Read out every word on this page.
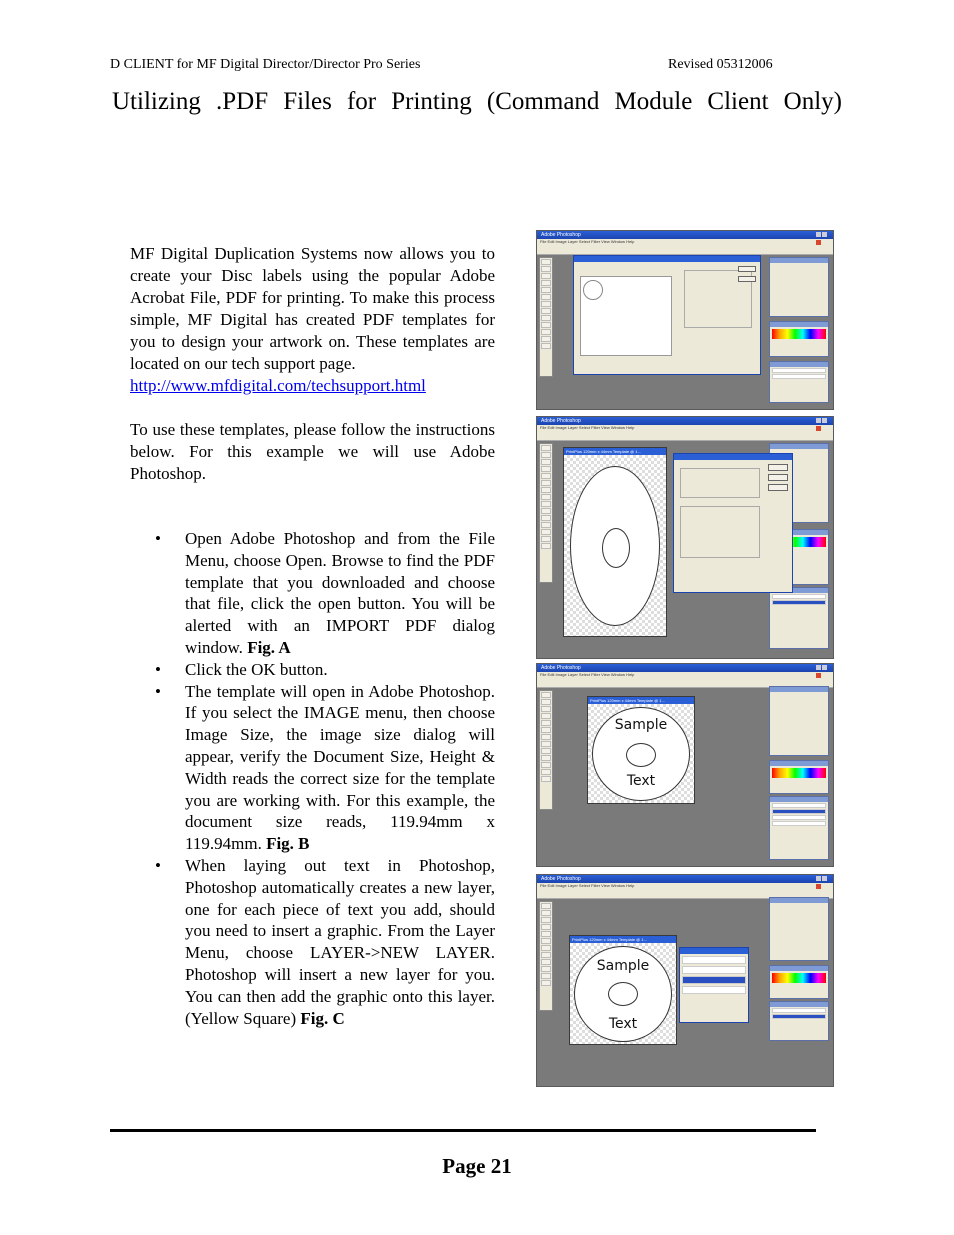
D CLIENT for MF Digital Director/Director Pro Series	Revised 05312006
Utilizing .PDF Files for Printing (Command Module Client Only)

MF Digital Duplication Systems now allows you to create your Disc labels using the popular Adobe Acrobat File, PDF for printing. To make this process simple, MF Digital has created PDF templates for you to design your artwork on. These templates are located on our tech support page.

http://www.mfdigital.com/techsupport.html

To use these templates, please follow the instructions below. For this example we will use Adobe Photoshop.

• Open Adobe Photoshop and from the File Menu, choose Open. Browse to find the PDF template that you downloaded and choose that file, click the open button. You will be alerted with an IMPORT PDF dialog window. Fig. A
• Click the OK button.
• The template will open in Adobe Photoshop. If you select the IMAGE menu, then choose Image Size, the image size dialog will appear, verify the Document Size, Height & Width reads the correct size for the template you are working with. For this example, the document size reads, 119.94mm x 119.94mm. Fig. B
• When laying out text in Photoshop, Photoshop automatically creates a new layer, one for each piece of text you add, should you need to insert a graphic. From the Layer Menu, choose LAYER->NEW LAYER. Photoshop will insert a new layer for you. You can then add the graphic onto this layer.(Yellow Square) Fig. C
Adobe Photoshop
File Edit Image Layer Select Filter View Window Help
Adobe Photoshop
File Edit Image Layer Select Filter View Window Help
PrintPlus 120mm x 44mm Template @ 1...
Adobe Photoshop
File Edit Image Layer Select Filter View Window Help
PrintPlus 120mm x 44mm Template @ 1...
Sample
Text
Adobe Photoshop
File Edit Image Layer Select Filter View Window Help
PrintPlus 120mm x 44mm Template @ 1...
Sample
Text
Page 21
